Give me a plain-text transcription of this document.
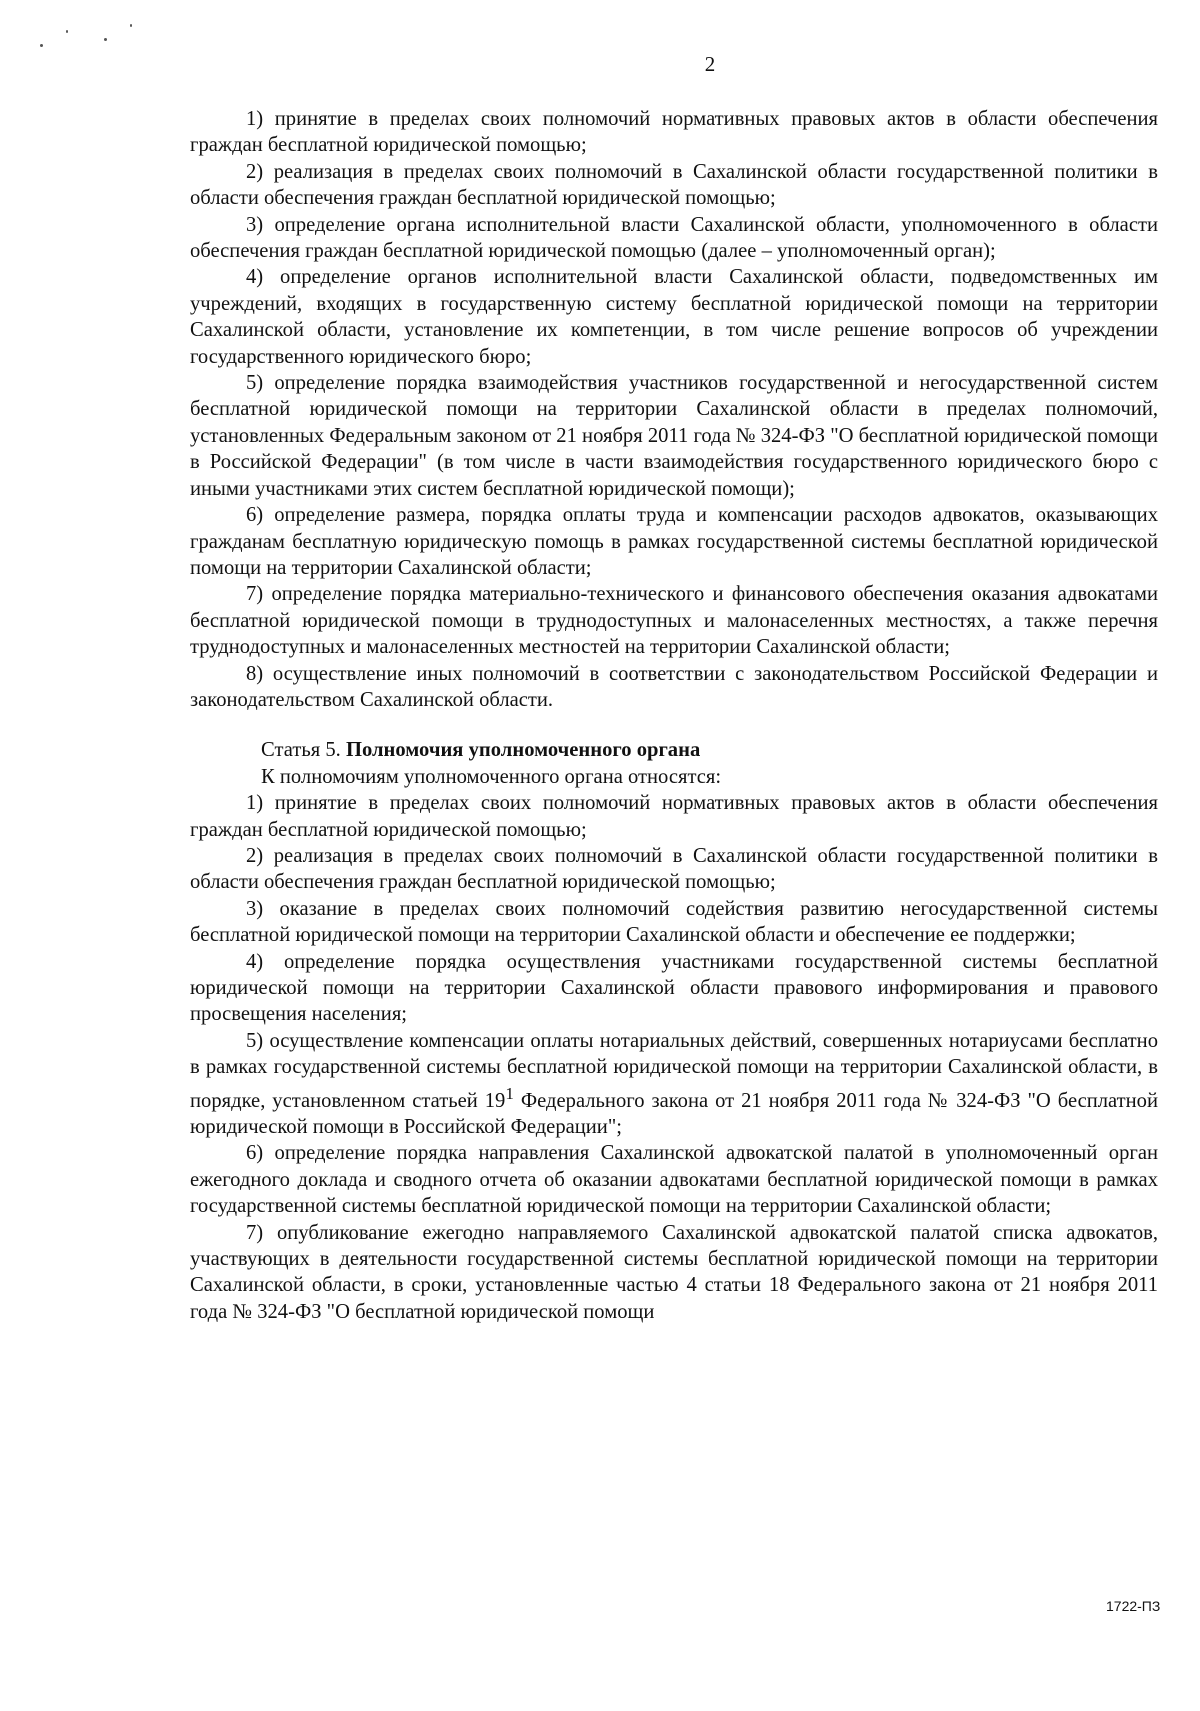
2

1) принятие в пределах своих полномочий нормативных правовых актов в области обеспечения граждан бесплатной юридической помощью;

2) реализация в пределах своих полномочий в Сахалинской области государственной политики в области обеспечения граждан бесплатной юридической помощью;

3) определение органа исполнительной власти Сахалинской области, уполномоченного в области обеспечения граждан бесплатной юридической помощью (далее – уполномоченный орган);

4) определение органов исполнительной власти Сахалинской области, подведомственных им учреждений, входящих в государственную систему бесплатной юридической помощи на территории Сахалинской области, установление их компетенции, в том числе решение вопросов об учреждении государственного юридического бюро;

5) определение порядка взаимодействия участников государственной и негосударственной систем бесплатной юридической помощи на территории Сахалинской области в пределах полномочий, установленных Федеральным законом от 21 ноября 2011 года № 324-ФЗ "О бесплатной юридической помощи в Российской Федерации" (в том числе в части взаимодействия государственного юридического бюро с иными участниками этих систем бесплатной юридической помощи);

6) определение размера, порядка оплаты труда и компенсации расходов адвокатов, оказывающих гражданам бесплатную юридическую помощь в рамках государственной системы бесплатной юридической помощи на территории Сахалинской области;

7) определение порядка материально-технического и финансового обеспечения оказания адвокатами бесплатной юридической помощи в труднодоступных и малонаселенных местностях, а также перечня труднодоступных и малонаселенных местностей на территории Сахалинской области;

8) осуществление иных полномочий в соответствии с законодательством Российской Федерации и законодательством Сахалинской области.

Статья 5. Полномочия уполномоченного органа

К полномочиям уполномоченного органа относятся:

1) принятие в пределах своих полномочий нормативных правовых актов в области обеспечения граждан бесплатной юридической помощью;

2) реализация в пределах своих полномочий в Сахалинской области государственной политики в области обеспечения граждан бесплатной юридической помощью;

3) оказание в пределах своих полномочий содействия развитию негосударственной системы бесплатной юридической помощи на территории Сахалинской области и обеспечение ее поддержки;

4) определение порядка осуществления участниками государственной системы бесплатной юридической помощи на территории Сахалинской области правового информирования и правового просвещения населения;

5) осуществление компенсации оплаты нотариальных действий, совершенных нотариусами бесплатно в рамках государственной системы бесплатной юридической помощи на территории Сахалинской области, в порядке, установленном статьей $19^1$ Федерального закона от 21 ноября 2011 года № 324-ФЗ "О бесплатной юридической помощи в Российской Федерации";

6) определение порядка направления Сахалинской адвокатской палатой в уполномоченный орган ежегодного доклада и сводного отчета об оказании адвокатами бесплатной юридической помощи в рамках государственной системы бесплатной юридической помощи на территории Сахалинской области;

7) опубликование ежегодно направляемого Сахалинской адвокатской палатой списка адвокатов, участвующих в деятельности государственной системы бесплатной юридической помощи на территории Сахалинской области, в сроки, установленные частью 4 статьи 18 Федерального закона от 21 ноября 2011 года № 324-ФЗ "О бесплатной юридической помощи

1722-ПЗ
